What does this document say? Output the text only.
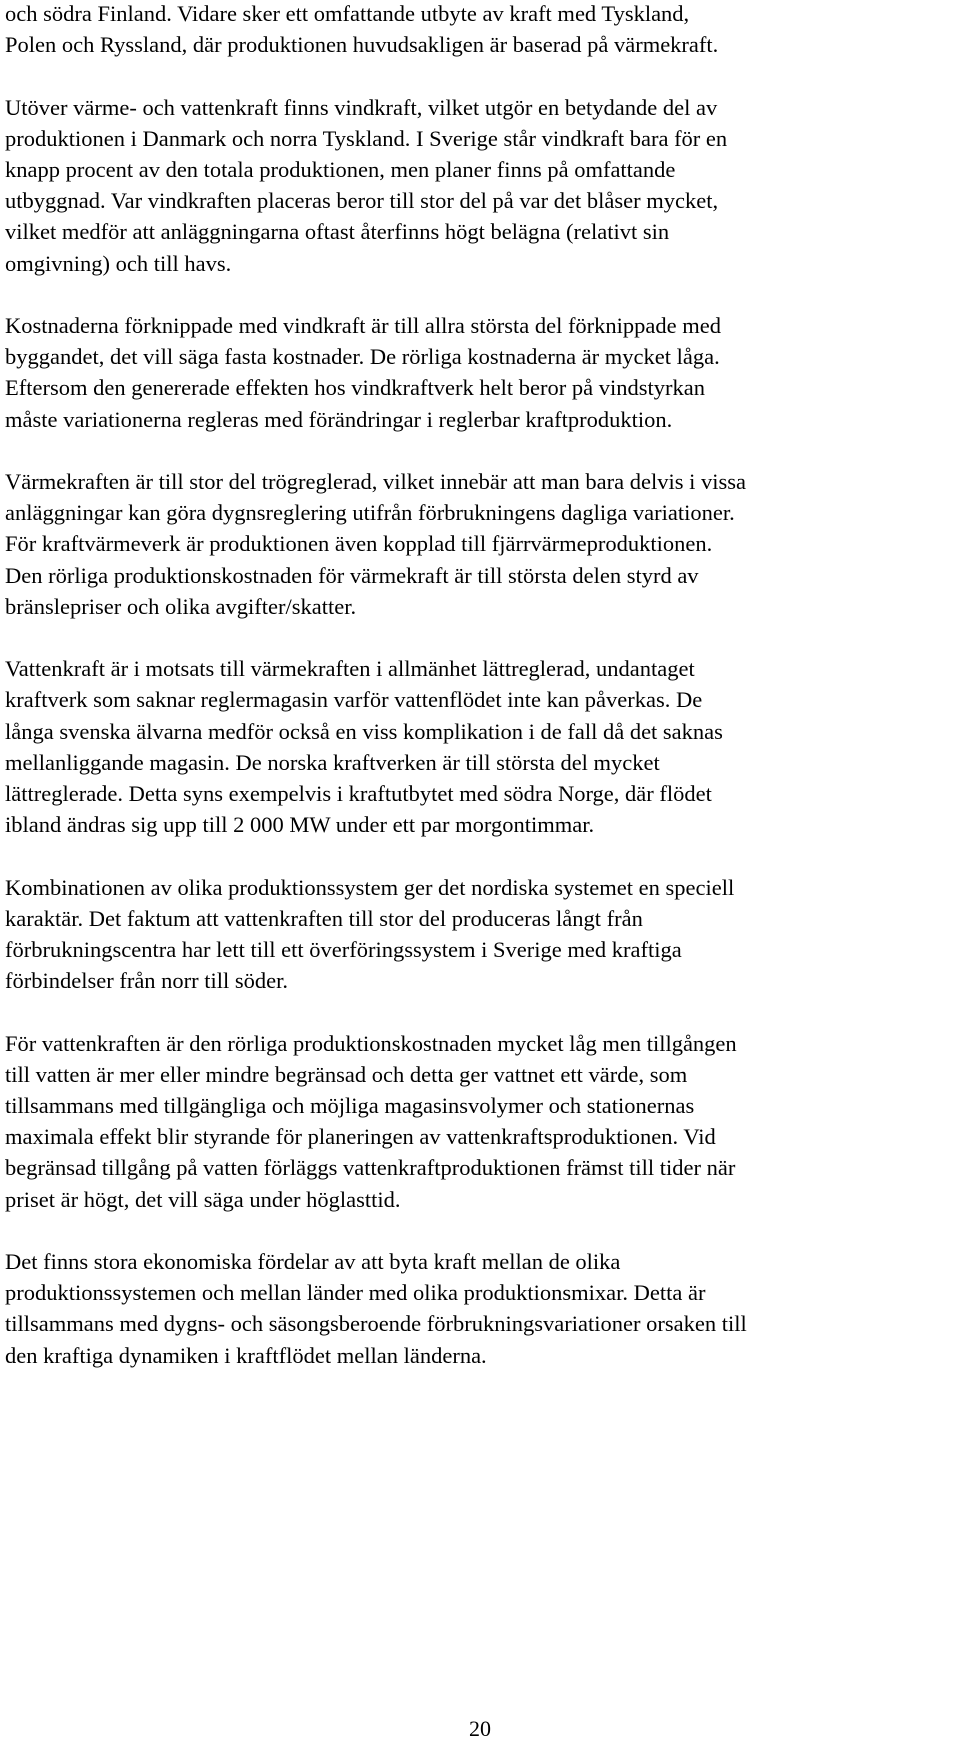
och södra Finland. Vidare sker ett omfattande utbyte av kraft med Tyskland,
Polen och Ryssland, där produktionen huvudsakligen är baserad på värmekraft.

Utöver värme- och vattenkraft finns vindkraft, vilket utgör en betydande del av
produktionen i Danmark och norra Tyskland. I Sverige står vindkraft bara för en
knapp procent av den totala produktionen, men planer finns på omfattande
utbyggnad. Var vindkraften placeras beror till stor del på var det blåser mycket,
vilket medför att anläggningarna oftast återfinns högt belägna (relativt sin
omgivning) och till havs.

Kostnaderna förknippade med vindkraft är till allra största del förknippade med
byggandet, det vill säga fasta kostnader. De rörliga kostnaderna är mycket låga.
Eftersom den genererade effekten hos vindkraftverk helt beror på vindstyrkan
måste variationerna regleras med förändringar i reglerbar kraftproduktion.

Värmekraften är till stor del trögreglerad, vilket innebär att man bara delvis i vissa
anläggningar kan göra dygnsreglering utifrån förbrukningens dagliga variationer.
För kraftvärmeverk är produktionen även kopplad till fjärrvärmeproduktionen.
Den rörliga produktionskostnaden för värmekraft är till största delen styrd av
bränslepriser och olika avgifter/skatter.

Vattenkraft är i motsats till värmekraften i allmänhet lättreglerad, undantaget
kraftverk som saknar reglermagasin varför vattenflödet inte kan påverkas. De
långa svenska älvarna medför också en viss komplikation i de fall då det saknas
mellanliggande magasin. De norska kraftverken är till största del mycket
lättreglerade. Detta syns exempelvis i kraftutbytet med södra Norge, där flödet
ibland ändras sig upp till 2 000 MW under ett par morgontimmar.

Kombinationen av olika produktionssystem ger det nordiska systemet en speciell
karaktär. Det faktum att vattenkraften till stor del produceras långt från
förbrukningscentra har lett till ett överföringssystem i Sverige med kraftiga
förbindelser från norr till söder.

För vattenkraften är den rörliga produktionskostnaden mycket låg men tillgången
till vatten är mer eller mindre begränsad och detta ger vattnet ett värde, som
tillsammans med tillgängliga och möjliga magasinsvolymer och stationernas
maximala effekt blir styrande för planeringen av vattenkraftsproduktionen. Vid
begränsad tillgång på vatten förläggs vattenkraftproduktionen främst till tider när
priset är högt, det vill säga under höglasttid.

Det finns stora ekonomiska fördelar av att byta kraft mellan de olika
produktionssystemen och mellan länder med olika produktionsmixar. Detta är
tillsammans med dygns- och säsongsberoende förbrukningsvariationer orsaken till
den kraftiga dynamiken i kraftflödet mellan länderna.

20
